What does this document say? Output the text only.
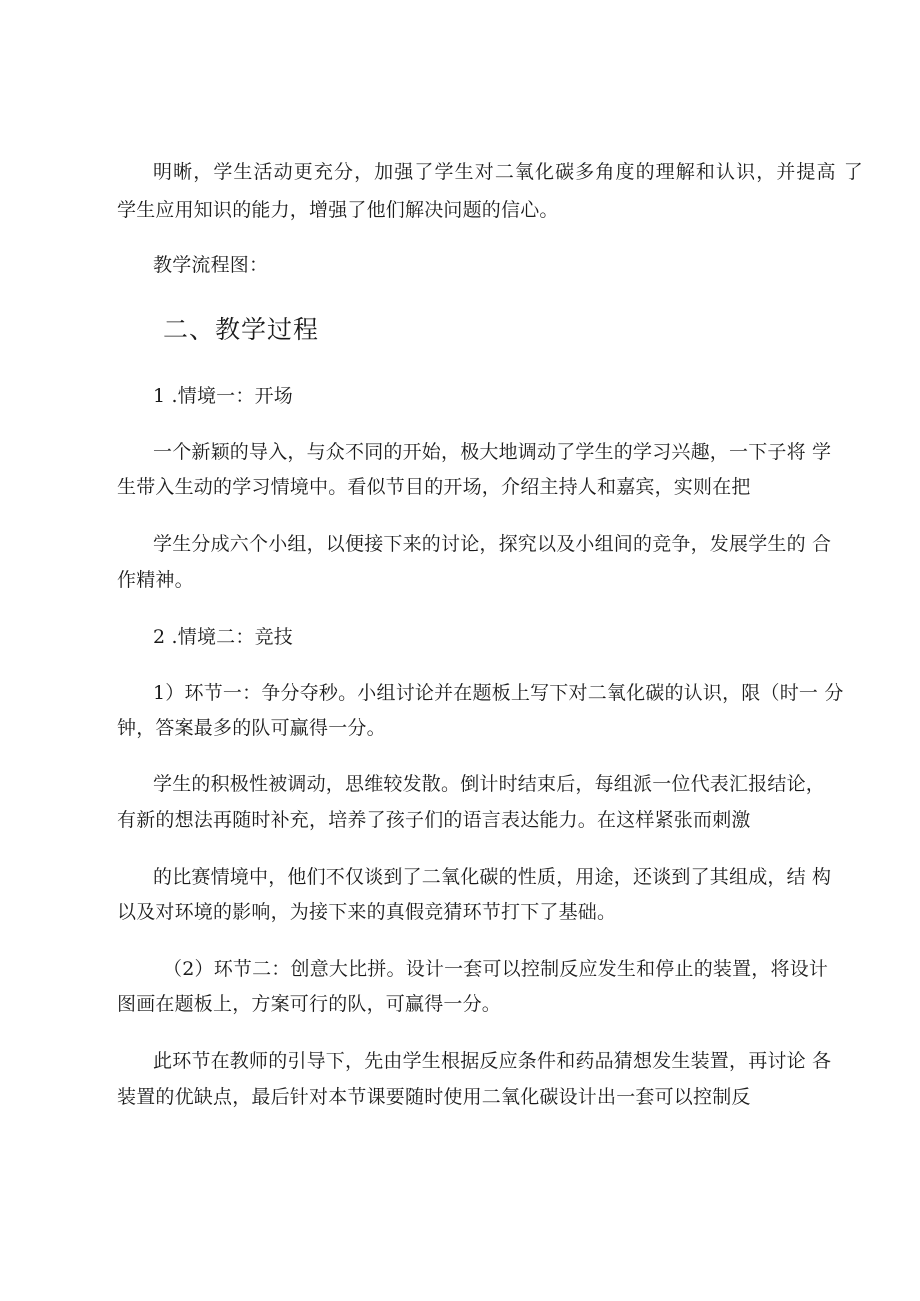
明晰，学生活动更充分，加强了学生对二氧化碳多角度的理解和认识，并提高 了
学生应用知识的能力，增强了他们解决问题的信心。
教学流程图：
二、教学过程
1 .情境一：开场
一个新颖的导入，与众不同的开始，极大地调动了学生的学习兴趣，一下子将 学
生带入生动的学习情境中。看似节目的开场，介绍主持人和嘉宾，实则在把
学生分成六个小组，以便接下来的讨论，探究以及小组间的竞争，发展学生的 合
作精神。
2 .情境二：竞技
1）环节一：争分夺秒。小组讨论并在题板上写下对二氧化碳的认识，限（时一 分
钟，答案最多的队可赢得一分。
学生的积极性被调动，思维较发散。倒计时结束后，每组派一位代表汇报结论，
有新的想法再随时补充，培养了孩子们的语言表达能力。在这样紧张而刺激
的比赛情境中，他们不仅谈到了二氧化碳的性质，用途，还谈到了其组成，结 构
以及对环境的影响，为接下来的真假竞猜环节打下了基础。
（2）环节二：创意大比拼。设计一套可以控制反应发生和停止的装置，将设计
图画在题板上，方案可行的队，可赢得一分。
此环节在教师的引导下，先由学生根据反应条件和药品猜想发生装置，再讨论 各
装置的优缺点，最后针对本节课要随时使用二氧化碳设计出一套可以控制反
